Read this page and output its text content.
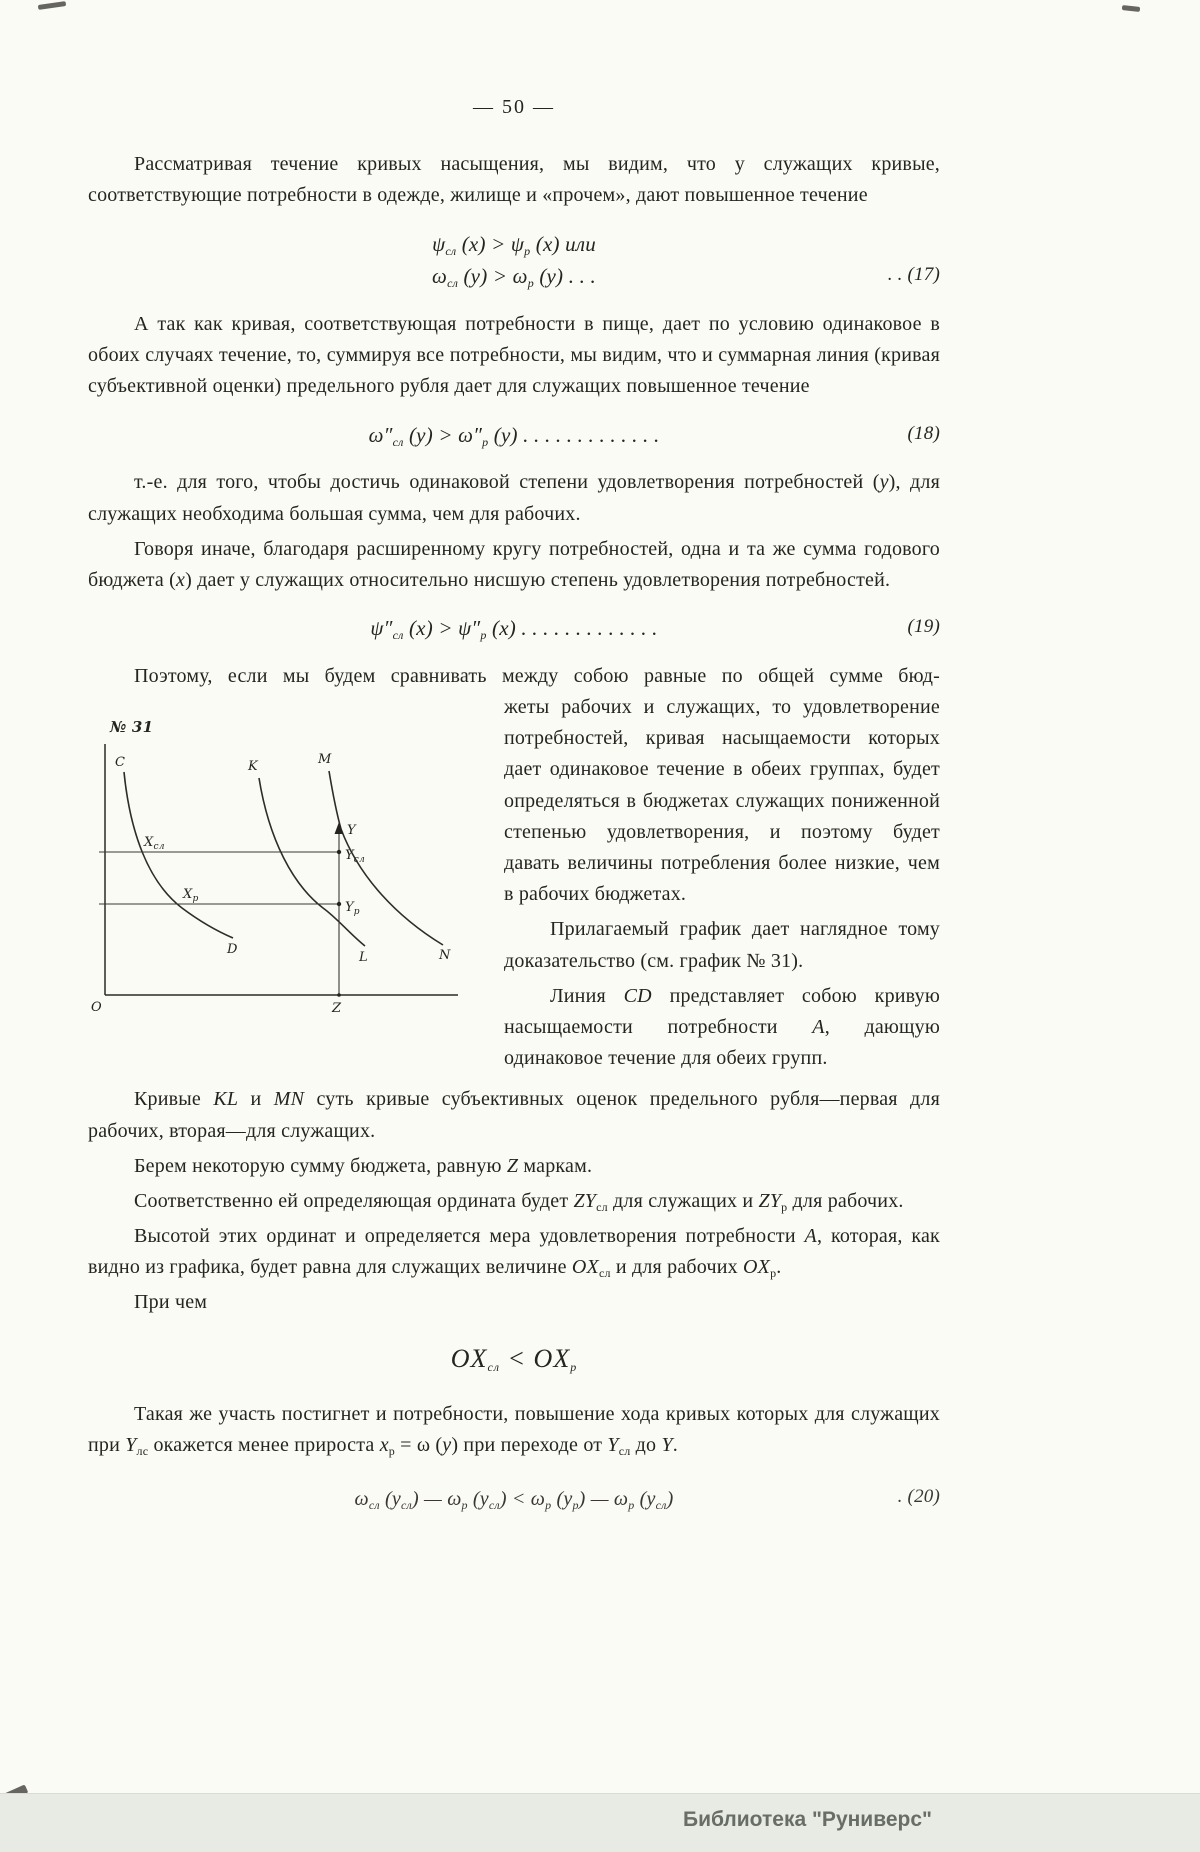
— 50 —

Рассматривая течение кривых насыщения, мы видим, что у служащих кривые, соответствующие потребности в одежде, жилище и «прочем», дают повышенное течение

$\psi_{сл}$ $(x) > \psi_р$ (x) или
$\omega_{сл}$ $(y) > \omega_р$ (y) . . .	. . (17)

А так как кривая, соответствующая потребности в пище, дает по условию одинаковое в обоих случаях течение, то, суммируя все потребности, мы видим, что и суммарная линия (кривая субъективной оценки) предельного рубля дает для служащих повышенное течение

$\omega''_{сл}$ $(y) > \omega''_р$ (y) . . . . . . . . . . . . .	(18)

т.-е. для того, чтобы достичь одинаковой степени удовлетворения потребностей (y), для служащих необходима большая сумма, чем для рабочих.

Говоря иначе, благодаря расширенному кругу потребностей, одна и та же сумма годового бюджета (x) дает у служащих относительно нисшую степень удовлетворения потребностей.

$\psi''_{сл}$ $(x) > \psi''_р$ (x) . . . . . . . . . . . . .	(19)
Поэтому, если мы будем сравнивать между собою равные по общей сумме бюд-
№ 31
C
D
K
L
M
N
$X_{сл}$
$X_р$
Y
$Y_{сл}$
$Y_р$
Z
O
жеты рабочих и служащих, то удовлетворение потребностей, кривая насыщаемости которых дает одинаковое течение в обеих группах, будет определяться в бюджетах служащих пониженной степенью удовлетворения, и поэтому будет давать величины потребления более низкие, чем в рабочих бюджетах.

Прилагаемый график дает наглядное тому доказательство (см. график № 31).

Линия CD представляет собою кривую насыщаемости потребности A, дающую одинаковое течение для обеих групп.

Кривые KL и MN суть кривые субъективных оценок предельного рубля—первая для рабочих, вторая—для служащих.

Берем некоторую сумму бюджета, равную Z маркам.

Соответственно ей определяющая ордината будет $ZY_{сл}$ для служащих и $ZY_р$ для рабочих.

Высотой этих ординат и определяется мера удовлетворения потребности A, которая, как видно из графика, будет равна для служащих величине $OX_{сл}$ и для рабочих $OX_р$.

При чем

$OX_{сл} < OX_р$

Такая же участь постигнет и потребности, повышение хода кривых которых для служащих при $Y_{лс}$ окажется менее прироста $x_р = \omega$ (y) при переходе от $Y_{сл}$ до Y.

$\omega_{сл}$ $(y_{сл})$ — $\omega_р$ $(y_{сл}) < \omega_р$ $(y_р)$ — $\omega_р$ $(y_{сл})$	. (20)
Библиотека "Руниверс"
